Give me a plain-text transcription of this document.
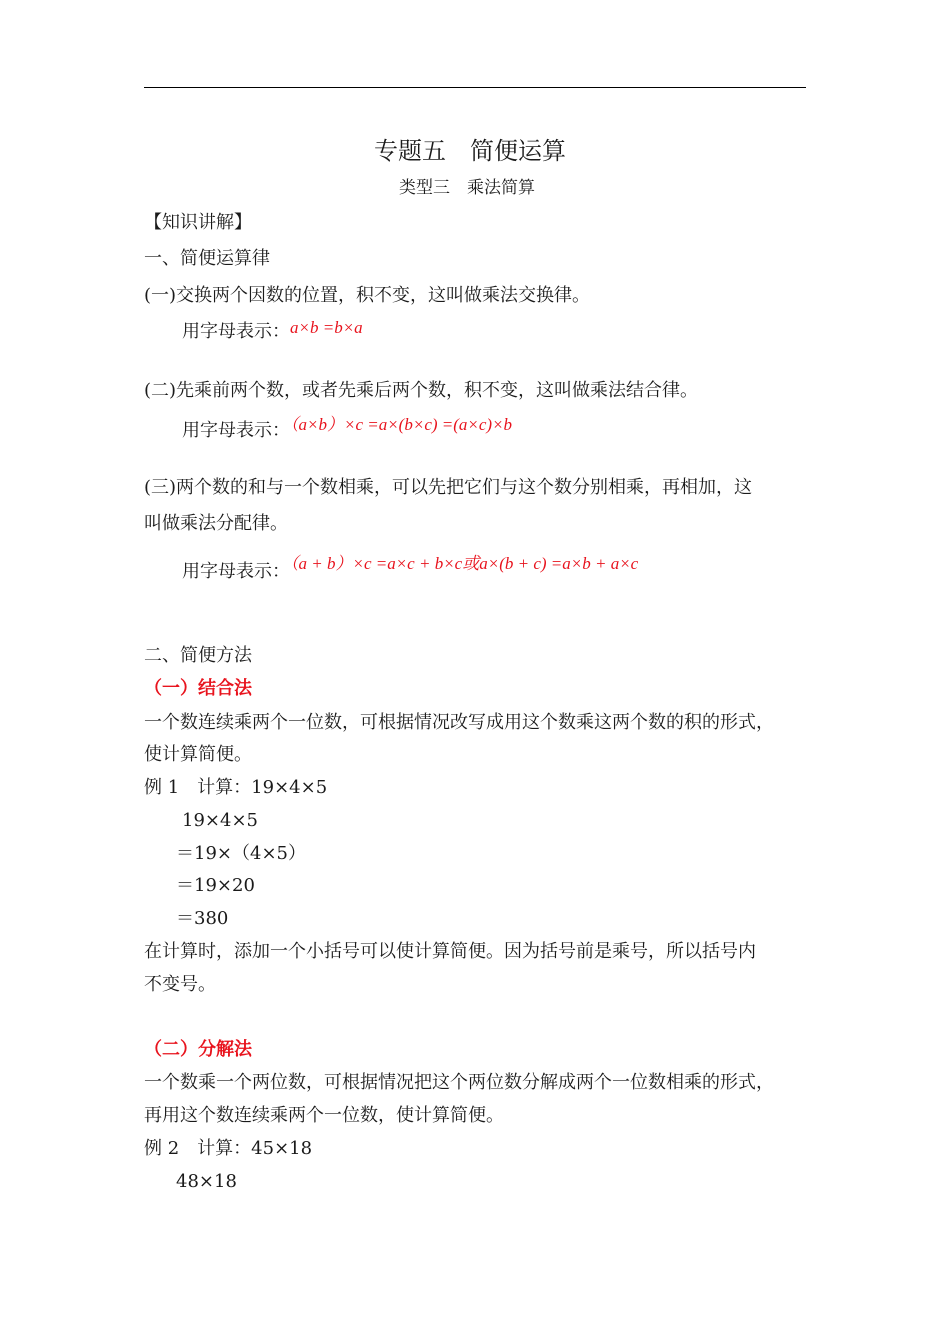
专题五　简便运算
类型三　乘法简算
【知识讲解】
一、简便运算律
(一)交换两个因数的位置，积不变，这叫做乘法交换律。
用字母表示：a×b =b×a
(二)先乘前两个数，或者先乘后两个数，积不变，这叫做乘法结合律。
用字母表示：（a×b）×c =a×(b×c) =(a×c)×b
(三)两个数的和与一个数相乘，可以先把它们与这个数分别相乘，再相加，这
叫做乘法分配律。
用字母表示：（a + b）×c =a×c + b×c或a×(b + c) =a×b + a×c
二、简便方法
（一）结合法
一个数连续乘两个一位数，可根据情况改写成用这个数乘这两个数的积的形式，
使计算简便。
例 1　计算：19×4×5
19×4×5
＝19×（4×5）
＝19×20
＝380
在计算时，添加一个小括号可以使计算简便。因为括号前是乘号，所以括号内
不变号。
（二）分解法
一个数乘一个两位数，可根据情况把这个两位数分解成两个一位数相乘的形式，
再用这个数连续乘两个一位数，使计算简便。
例 2　计算：45×18
48×18
